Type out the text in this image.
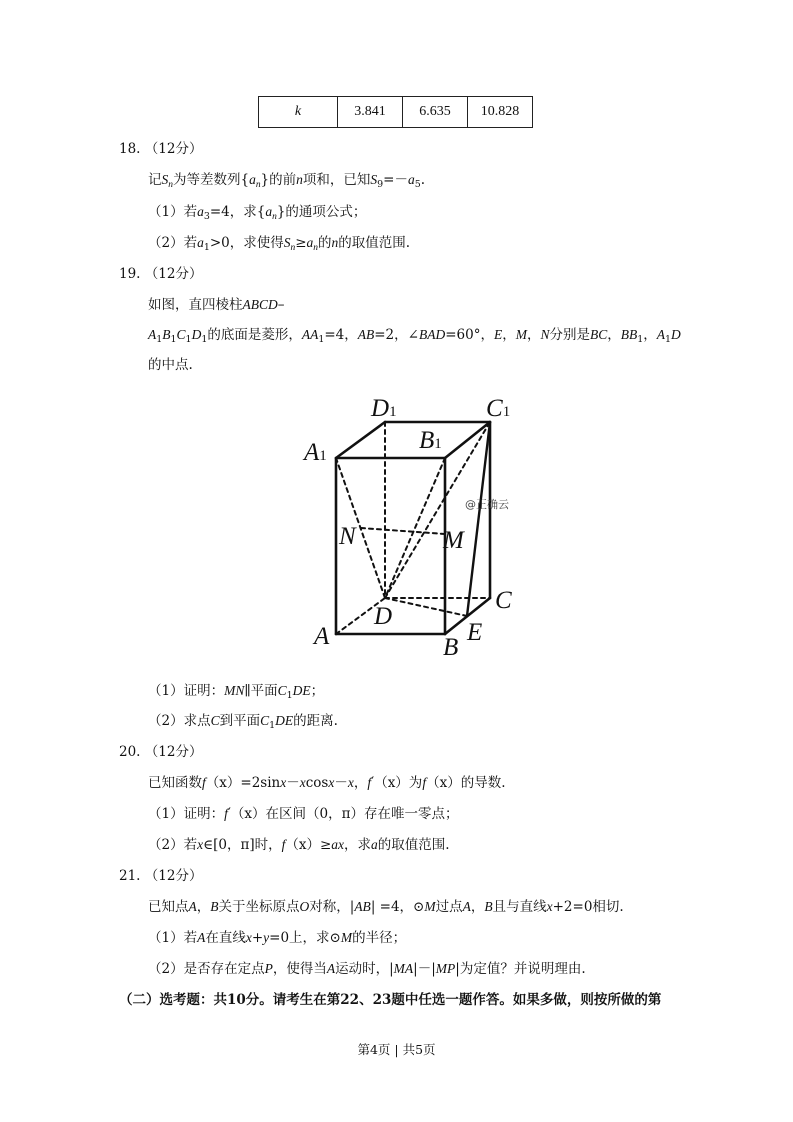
k	3.841	6.635	10.828
18. （12分）
记$S_n$为等差数列$\{a_n\}$的前n项和，已知$S_9=-a_5$.
（1）若$a_3=4$，求$\{a_n\}$的通项公式；
（2）若$a_1>0$，求使得$S_n\ge a_n$的n的取值范围.
19. （12分）
如图，直四棱柱ABCD–
$A_1B_1C_1D_1$的底面是菱形，$AA_1=4$，AB=2，∠BAD=60°，E，M，N分别是BC，$BB_1$，$A_1D$
的中点.
D1	C1
A1
B1
N	M
C
A
D
B
E
@正确云
（1）证明：MN∥平面$C_1DE$；
（2）求点C到平面$C_1DE$的距离.
20. （12分）
已知函数f（x）=2sinx－xcosx－x，f′（x）为f（x）的导数.
（1）证明：f′（x）在区间（0，π）存在唯一零点；
（2）若x∈[0，π]时，f（x）≥ax，求a的取值范围.
21. （12分）
已知点A，B关于坐标原点O对称，|AB| =4，⊙M过点A，B且与直线x+2=0相切.
（1）若A在直线x+y=0上，求⊙M的半径；
（2）是否存在定点P，使得当A运动时，|MA|－|MP|为定值？并说明理由.
（二）选考题：共10分。请考生在第22、23题中任选一题作答。如果多做，则按所做的第
第4页 | 共5页
